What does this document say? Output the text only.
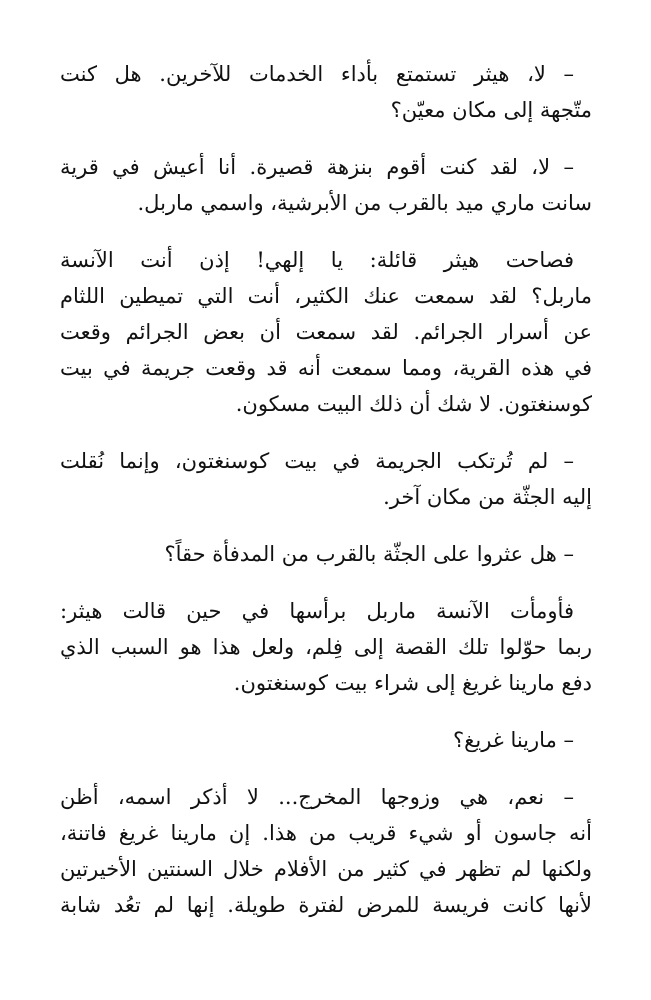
– لا، هيثر تستمتع بأداء الخدمات للآخرين. هل كنت
متّجهة إلى مكان معيّن؟
– لا، لقد كنت أقوم بنزهة قصيرة. أنا أعيش في قرية
سانت ماري ميد بالقرب من الأبرشية، واسمي ماربل.
فصاحت هيثر قائلة: يا إلهي! إذن أنت الآنسة
ماربل؟ لقد سمعت عنك الكثير، أنت التي تميطين اللثام
عن أسرار الجرائم. لقد سمعت أن بعض الجرائم وقعت
في هذه القرية، ومما سمعت أنه قد وقعت جريمة في بيت
كوسنغتون. لا شك أن ذلك البيت مسكون.
– لم تُرتكب الجريمة في بيت كوسنغتون، وإنما نُقلت
إليه الجثّة من مكان آخر.
– هل عثروا على الجثّة بالقرب من المدفأة حقاً؟
فأومأت الآنسة ماربل برأسها في حين قالت هيثر:
ربما حوّلوا تلك القصة إلى فِلم، ولعل هذا هو السبب الذي
دفع مارينا غريغ إلى شراء بيت كوسنغتون.
– مارينا غريغ؟
– نعم، هي وزوجها المخرج... لا أذكر اسمه، أظن
أنه جاسون أو شيء قريب من هذا. إن مارينا غريغ فاتنة،
ولكنها لم تظهر في كثير من الأفلام خلال السنتين الأخيرتين
لأنها كانت فريسة للمرض لفترة طويلة. إنها لم تعُد شابة
